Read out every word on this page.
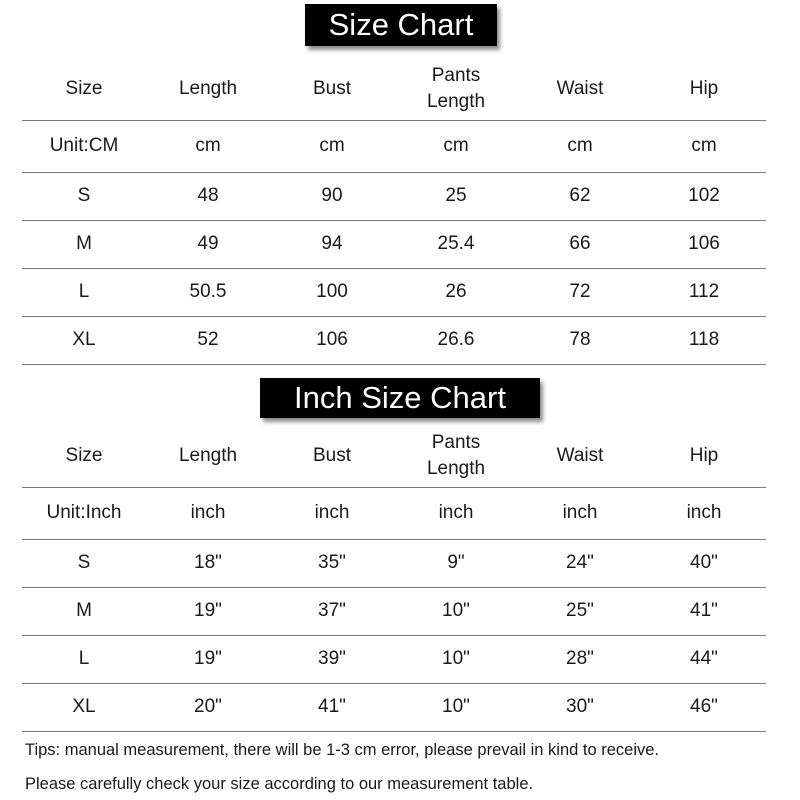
Size Chart
Size	Length	Bust	Pants Length	Waist	Hip
Unit:CM	cm	cm	cm	cm	cm
S	48	90	25	62	102
M	49	94	25.4	66	106
L	50.5	100	26	72	112
XL	52	106	26.6	78	118
Inch Size Chart
Size	Length	Bust	Pants Length	Waist	Hip
Unit:Inch	inch	inch	inch	inch	inch
S	18"	35"	9"	24"	40"
M	19"	37"	10"	25"	41"
L	19"	39"	10"	28"	44"
XL	20"	41"	10"	30"	46"
Tips: manual measurement, there will be 1-3 cm error, please prevail in kind to receive.
Please carefully check your size according to our measurement table.
